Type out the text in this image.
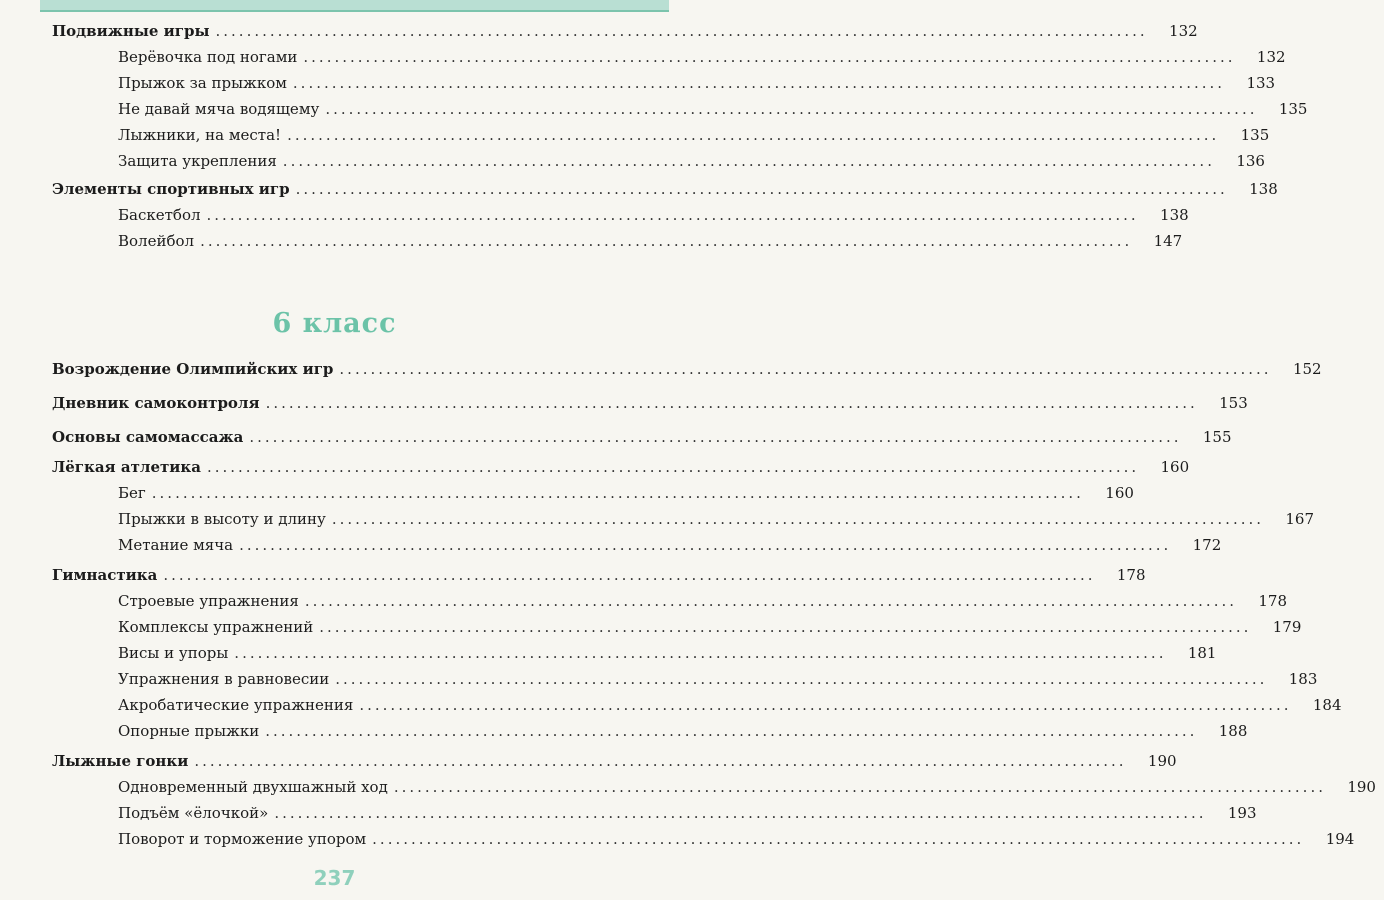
Подвижные игры ........................................................................................................................	132
Верёвочка под ногами ........................................................................................................................	132
Прыжок за прыжком ........................................................................................................................	133
Не давай мяча водящему ........................................................................................................................	135
Лыжники, на места! ........................................................................................................................	135
Защита укрепления ........................................................................................................................	136
Элементы спортивных игр ........................................................................................................................	138
Баскетбол ........................................................................................................................	138
Волейбол ........................................................................................................................	147
Возрождение Олимпийских игр ........................................................................................................................	152
Дневник самоконтроля ........................................................................................................................	153
Основы самомассажа ........................................................................................................................	155
Лёгкая атлетика ........................................................................................................................	160
Бег ........................................................................................................................	160
Прыжки в высоту и длину ........................................................................................................................	167
Метание мяча ........................................................................................................................	172
Гимнастика ........................................................................................................................	178
Строевые упражнения ........................................................................................................................	178
Комплексы упражнений ........................................................................................................................	179
Висы и упоры ........................................................................................................................	181
Упражнения в равновесии ........................................................................................................................	183
Акробатические упражнения ........................................................................................................................	184
Опорные прыжки ........................................................................................................................	188
Лыжные гонки ........................................................................................................................	190
Одновременный двухшажный ход ........................................................................................................................	190
Подъём «ёлочкой» ........................................................................................................................	193
Поворот и торможение упором ........................................................................................................................	194
6 класс
237
